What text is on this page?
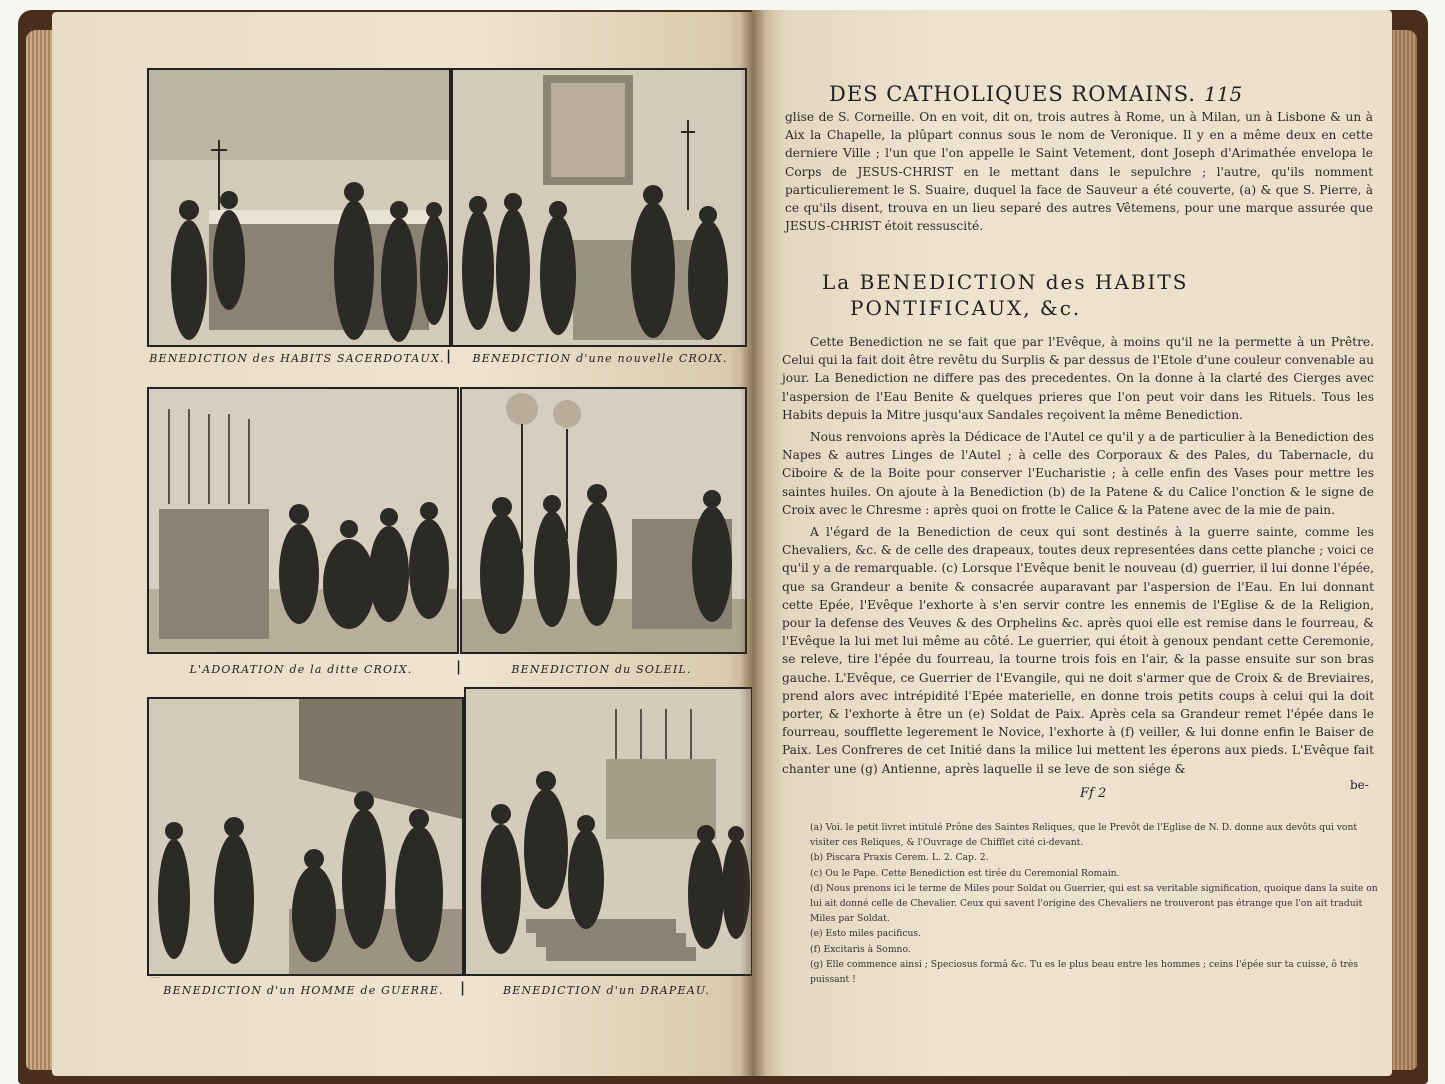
BENEDICTION des HABITS SACERDOTAUX. |	BENEDICTION d'une nouvelle CROIX.
L'ADORATION de la ditte CROIX.	|	BENEDICTION du SOLEIL.
·····
BENEDICTION d'un HOMME de GUERRE.	|	BENEDICTION d'un DRAPEAU.
DES CATHOLIQUES ROMAINS. 115

glise de S. Corneille. On en voit, dit on, trois autres à Rome, un à Milan, un à Lisbone & un à Aix la Chapelle, la plûpart connus sous le nom de Veronique. Il y en a même deux en cette derniere Ville ; l'un que l'on appelle le Saint Vetement, dont Joseph d'Arimathée envelopa le Corps de JESUS-CHRIST en le mettant dans le sepulchre ; l'autre, qu'ils nomment particulierement le S. Suaire, duquel la face de Sauveur a été couverte, (a) & que S. Pierre, à ce qu'ils disent, trouva en un lieu separé des autres Vêtemens, pour une marque assurée que JESUS-CHRIST étoit ressuscité.

La BENEDICTION des HABITS
PONTIFICAUX, &c.

Cette Benediction ne se fait que par l'Evêque, à moins qu'il ne la permette à un Prêtre. Celui qui la fait doit être revêtu du Surplis & par dessus de l'Etole d'une couleur convenable au jour. La Benediction ne differe pas des precedentes. On la donne à la clarté des Cierges avec l'aspersion de l'Eau Benite & quelques prieres que l'on peut voir dans les Rituels. Tous les Habits depuis la Mitre jusqu'aux Sandales reçoivent la même Benediction.

Nous renvoions après la Dédicace de l'Autel ce qu'il y a de particulier à la Benediction des Napes & autres Linges de l'Autel ; à celle des Corporaux & des Pales, du Tabernacle, du Ciboire & de la Boite pour conserver l'Eucharistie ; à celle enfin des Vases pour mettre les saintes huiles. On ajoute à la Benediction (b) de la Patene & du Calice l'onction & le signe de Croix avec le Chresme : après quoi on frotte le Calice & la Patene avec de la mie de pain.

A l'égard de la Benediction de ceux qui sont destinés à la guerre sainte, comme les Chevaliers, &c. & de celle des drapeaux, toutes deux representées dans cette planche ; voici ce qu'il y a de remarquable. (c) Lorsque l'Evêque benit le nouveau (d) guerrier, il lui donne l'épée, que sa Grandeur a benite & consacrée auparavant par l'aspersion de l'Eau. En lui donnant cette Epée, l'Evêque l'exhorte à s'en servir contre les ennemis de l'Eglise & de la Religion, pour la defense des Veuves & des Orphelins &c. après quoi elle est remise dans le fourreau, & l'Evêque la lui met lui même au côté. Le guerrier, qui étoit à genoux pendant cette Ceremonie, se releve, tire l'épée du fourreau, la tourne trois fois en l'air, & la passe ensuite sur son bras gauche. L'Evêque, ce Guerrier de l'Evangile, qui ne doit s'armer que de Croix & de Breviaires, prend alors avec intrépidité l'Epée materielle, en donne trois petits coups à celui qui la doit porter, & l'exhorte à être un (e) Soldat de Paix. Après cela sa Grandeur remet l'épée dans le fourreau, soufflette legerement le Novice, l'exhorte à (f) veiller, & lui donne enfin le Baiser de Paix. Les Confreres de cet Initié dans la milice lui mettent les éperons aux pieds. L'Evêque fait chanter une (g) Antienne, après laquelle il se leve de son siége &

Ff 2
be-
(a) Voi. le petit livret intitulé Prône des Saintes Reliques, que le Prevôt de l'Eglise de N. D. donne aux devôts qui vont visiter ces Reliques, & l'Ouvrage de Chifflet cité ci-devant.
(b) Piscara Praxis Cerem. L. 2. Cap. 2.
(c) Ou le Pape. Cette Benediction est tirée du Ceremonial Romain.
(d) Nous prenons ici le terme de Miles pour Soldat ou Guerrier, qui est sa veritable signification, quoique dans la suite on lui ait donné celle de Chevalier. Ceux qui savent l'origine des Chevaliers ne trouveront pas étrange que l'on ait traduit Miles par Soldat.
(e) Esto miles pacificus.
(f) Excitaris à Somno.
(g) Elle commence ainsi ; Speciosus formâ &c. Tu es le plus beau entre les hommes ; ceins l'épée sur ta cuisse, ô très puissant !
